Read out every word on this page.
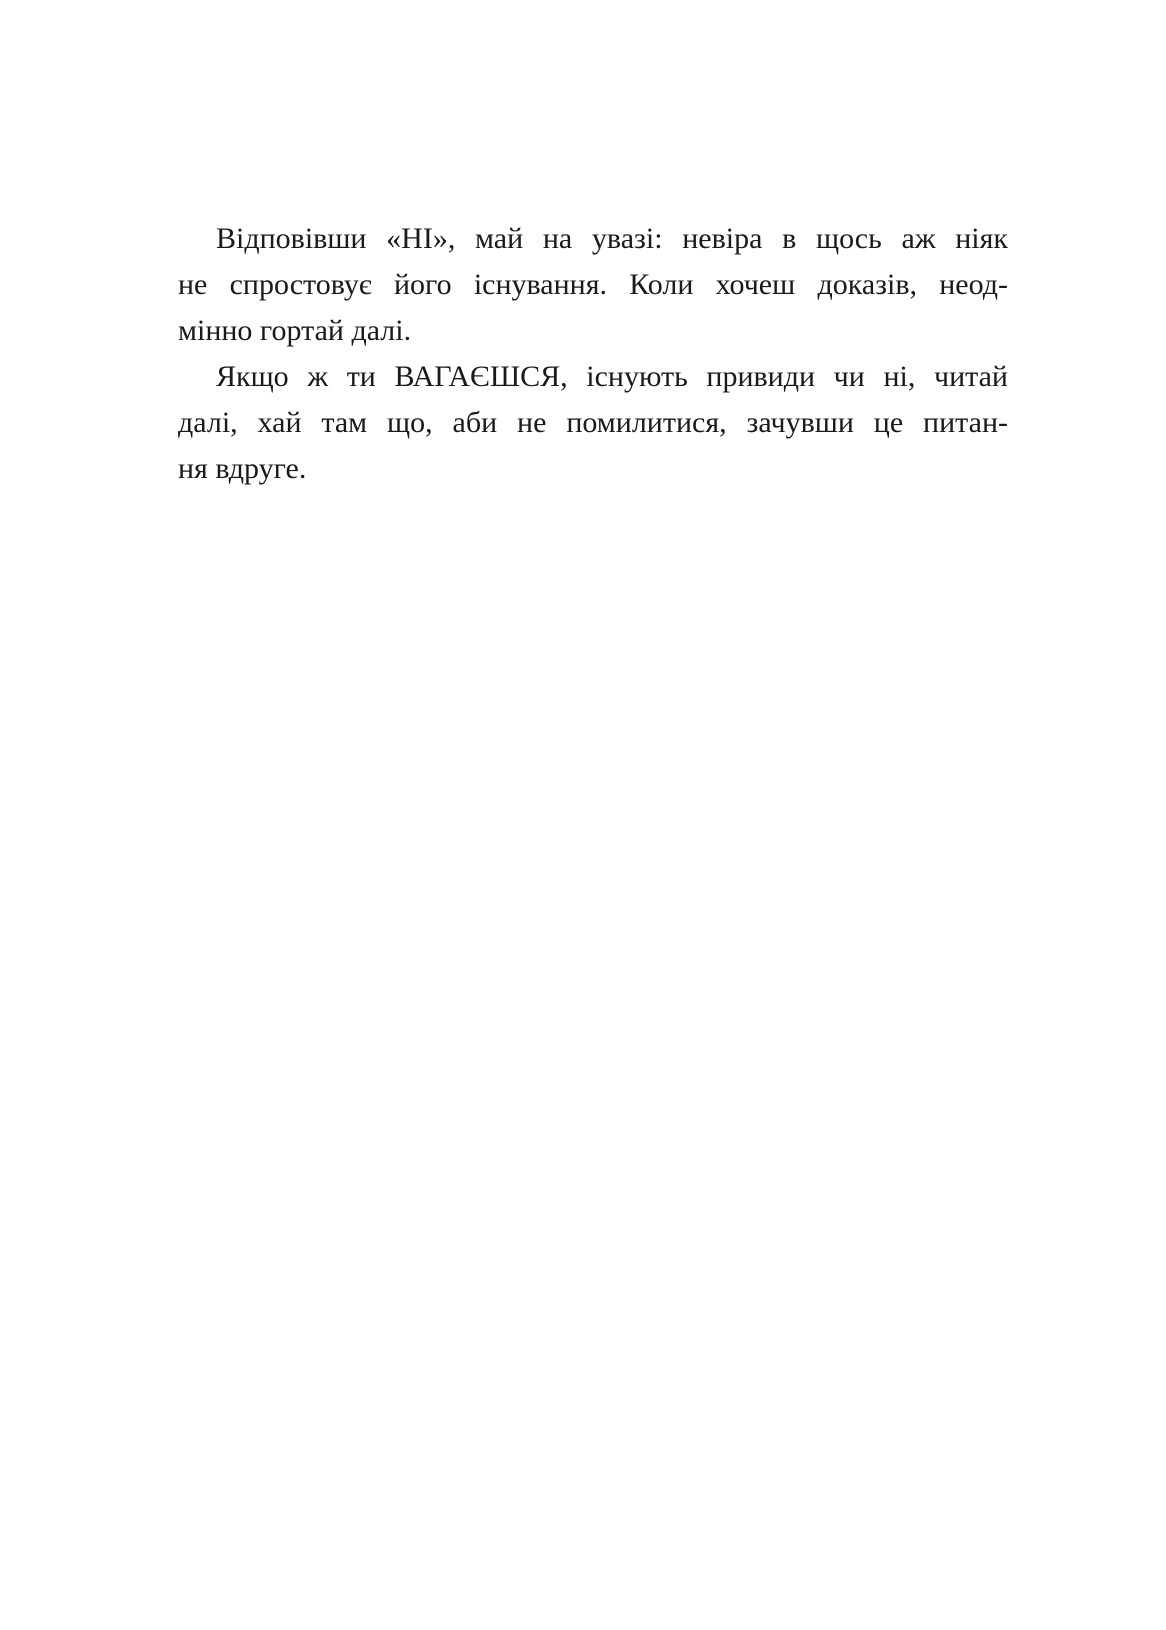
Відповівши «НІ», май на увазі: невіра в щось аж ніяк
не спростовує його існування. Коли хочеш доказів, неод-
мінно гортай далі.

Якщо ж ти ВАГАЄШСЯ, існують привиди чи ні, читай
далі, хай там що, аби не помилитися, зачувши це питан-
ня вдруге.
